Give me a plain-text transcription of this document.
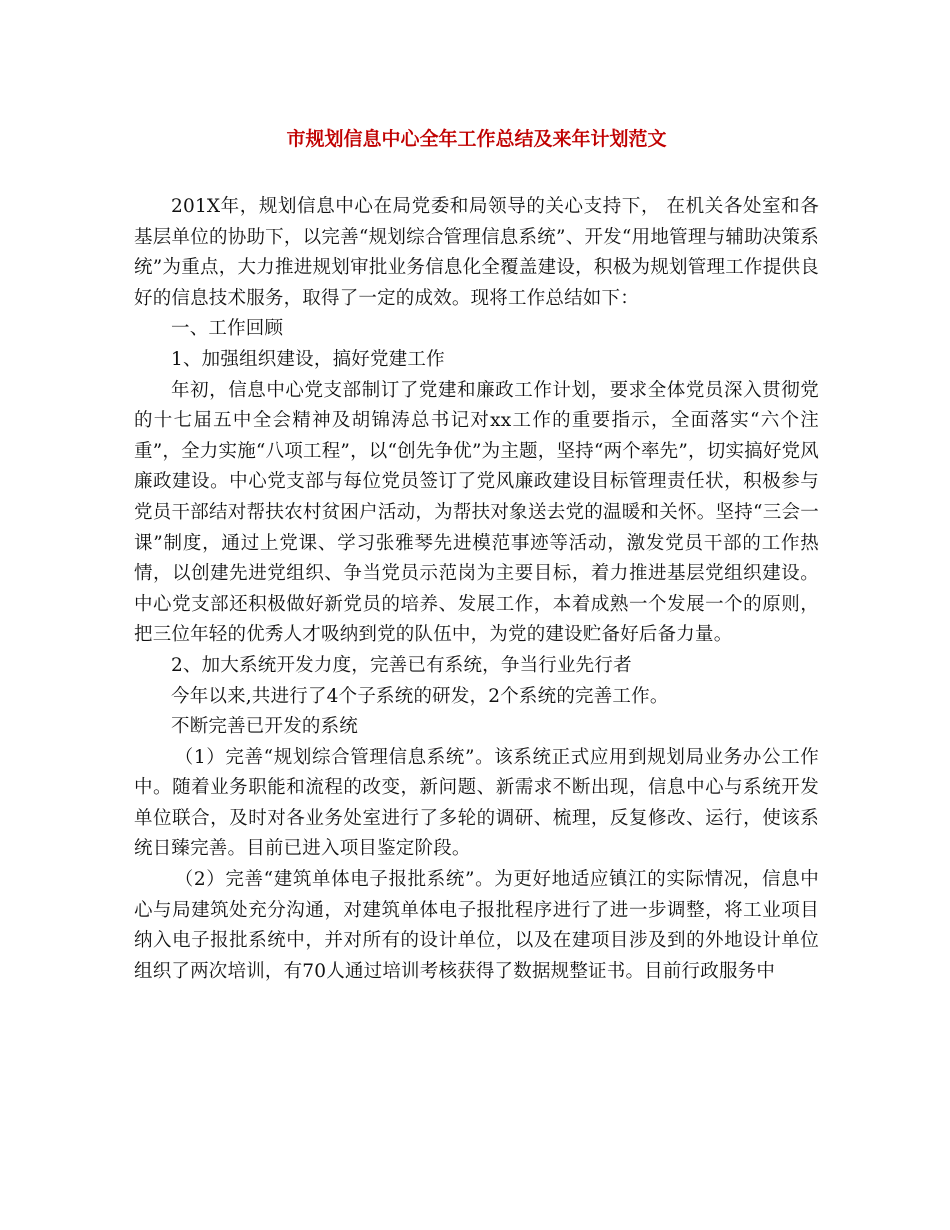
市规划信息中心全年工作总结及来年计划范文

201X年，规划信息中心在局党委和局领导的关心支持下， 在机关各处室和各基层单位的协助下，以完善“规划综合管理信息系统”、开发“用地管理与辅助决策系统”为重点，大力推进规划审批业务信息化全覆盖建设，积极为规划管理工作提供良好的信息技术服务，取得了一定的成效。现将工作总结如下：

一、工作回顾

1、加强组织建设，搞好党建工作

年初，信息中心党支部制订了党建和廉政工作计划，要求全体党员深入贯彻党的十七届五中全会精神及胡锦涛总书记对xx工作的重要指示，全面落实“六个注重”，全力实施“八项工程”，以“创先争优”为主题，坚持“两个率先”，切实搞好党风廉政建设。中心党支部与每位党员签订了党风廉政建设目标管理责任状，积极参与党员干部结对帮扶农村贫困户活动，为帮扶对象送去党的温暖和关怀。坚持“三会一课”制度，通过上党课、学习张雅琴先进模范事迹等活动，激发党员干部的工作热情，以创建先进党组织、争当党员示范岗为主要目标，着力推进基层党组织建设。中心党支部还积极做好新党员的培养、发展工作，本着成熟一个发展一个的原则，把三位年轻的优秀人才吸纳到党的队伍中，为党的建设贮备好后备力量。

2、加大系统开发力度，完善已有系统，争当行业先行者

今年以来,共进行了4个子系统的研发，2个系统的完善工作。

不断完善已开发的系统

（1）完善“规划综合管理信息系统”。该系统正式应用到规划局业务办公工作中。随着业务职能和流程的改变，新问题、新需求不断出现，信息中心与系统开发单位联合，及时对各业务处室进行了多轮的调研、梳理，反复修改、运行，使该系统日臻完善。目前已进入项目鉴定阶段。

（2）完善“建筑单体电子报批系统”。为更好地适应镇江的实际情况，信息中心与局建筑处充分沟通，对建筑单体电子报批程序进行了进一步调整，将工业项目纳入电子报批系统中，并对所有的设计单位，以及在建项目涉及到的外地设计单位组织了两次培训，有70人通过培训考核获得了数据规整证书。目前行政服务中
